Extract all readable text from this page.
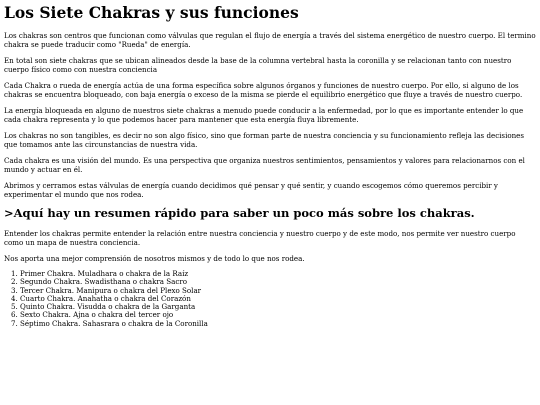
Los Siete Chakras y sus funciones

Los chakras son centros que funcionan como válvulas que regulan el flujo de energía a través del sistema energético de nuestro cuerpo. El termino chakra se puede traducir como "Rueda" de energía.

En total son siete chakras que se ubican alineados desde la base de la columna vertebral hasta la coronilla y se relacionan tanto con nuestro cuerpo físico como con nuestra conciencia

Cada Chakra o rueda de energía actúa de una forma específica sobre algunos órganos y funciones de nuestro cuerpo. Por ello, si alguno de los chakras se encuentra bloqueado, con baja energía o exceso de la misma se pierde el equilibrio energético que fluye a través de nuestro cuerpo.

La energía bloqueada en alguno de nuestros siete chakras a menudo puede conducir a la enfermedad, por lo que es importante entender lo que cada chakra representa y lo que podemos hacer para mantener que esta energía fluya libremente.

Los chakras no son tangibles, es decir no son algo físico, sino que forman parte de nuestra conciencia y su funcionamiento refleja las decisiones que tomamos ante las circunstancias de nuestra vida.

Cada chakra es una visión del mundo. Es una perspectiva que organiza nuestros sentimientos, pensamientos y valores para relacionarnos con el mundo y actuar en él.

Abrimos y cerramos estas válvulas de energía cuando decidimos qué pensar y qué sentir, y cuando escogemos cómo queremos percibir y experimentar el mundo que nos rodea.

>Aquí hay un resumen rápido para saber un poco más sobre los chakras.

Entender los chakras permite entender la relación entre nuestra conciencia y nuestro cuerpo y de este modo, nos permite ver nuestro cuerpo como un mapa de nuestra conciencia.

Nos aporta una mejor comprensión de nosotros mismos y de todo lo que nos rodea.

1. Primer Chakra. Muladhara o chakra de la Raíz
2. Segundo Chakra. Swadisthana o chakra Sacro
3. Tercer Chakra. Manipura o chakra del Plexo Solar
4. Cuarto Chakra. Anahatha o chakra del Corazón
5. Quinto Chakra. Visudda o chakra de la Garganta
6. Sexto Chakra. Ajna o chakra del tercer ojo
7. Séptimo Chakra. Sahasrara o chakra de la Coronilla
